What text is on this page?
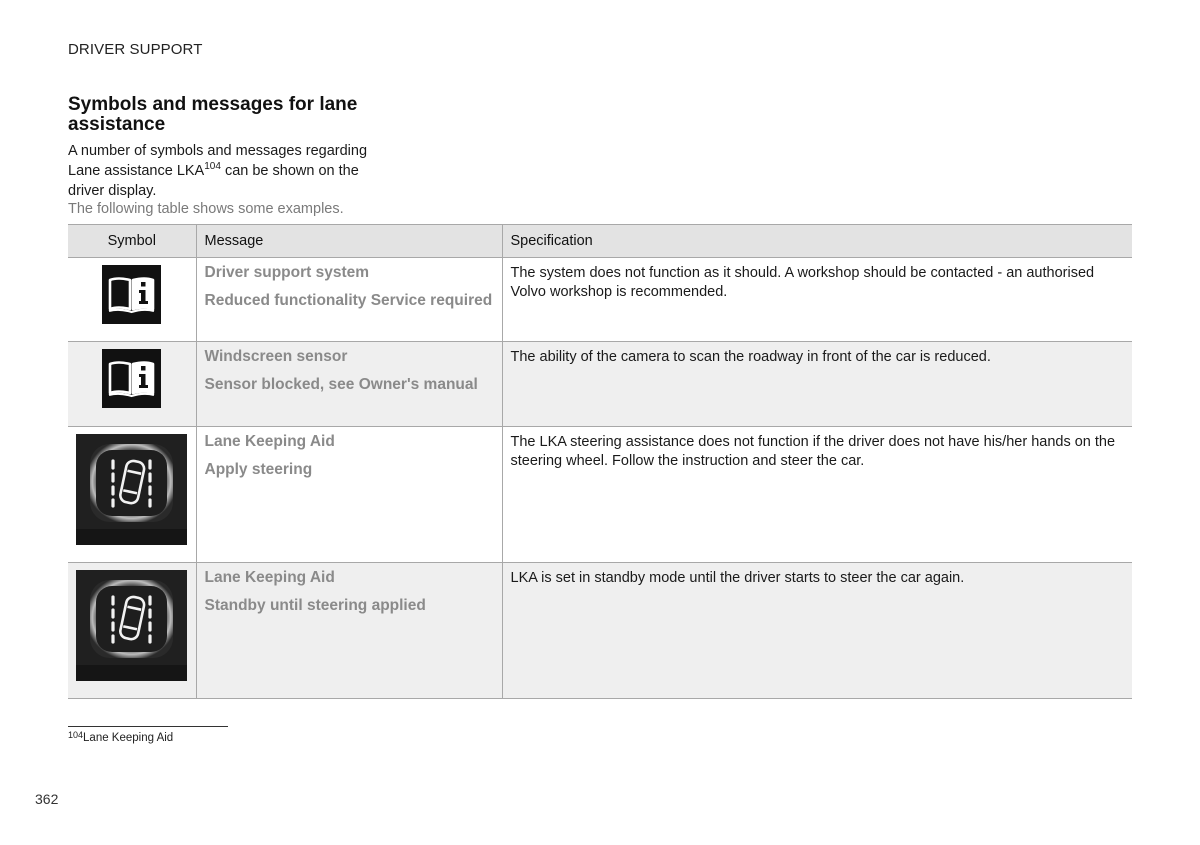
DRIVER SUPPORT
Symbols and messages for lane assistance

A number of symbols and messages regarding Lane assistance LKA$^{104}$ can be shown on the driver display.

The following table shows some examples.

Symbol	Message	Specification

Driver support system
Reduced functionality Service required	The system does not function as it should. A workshop should be contacted - an authorised Volvo workshop is recommended.

Windscreen sensor
Sensor blocked, see Owner's manual	The ability of the camera to scan the roadway in front of the car is reduced.

Lane Keeping Aid
Apply steering	The LKA steering assistance does not function if the driver does not have his/her hands on the steering wheel. Follow the instruction and steer the car.

Lane Keeping Aid
Standby until steering applied	LKA is set in standby mode until the driver starts to steer the car again.
$^{104}$Lane Keeping Aid
362
